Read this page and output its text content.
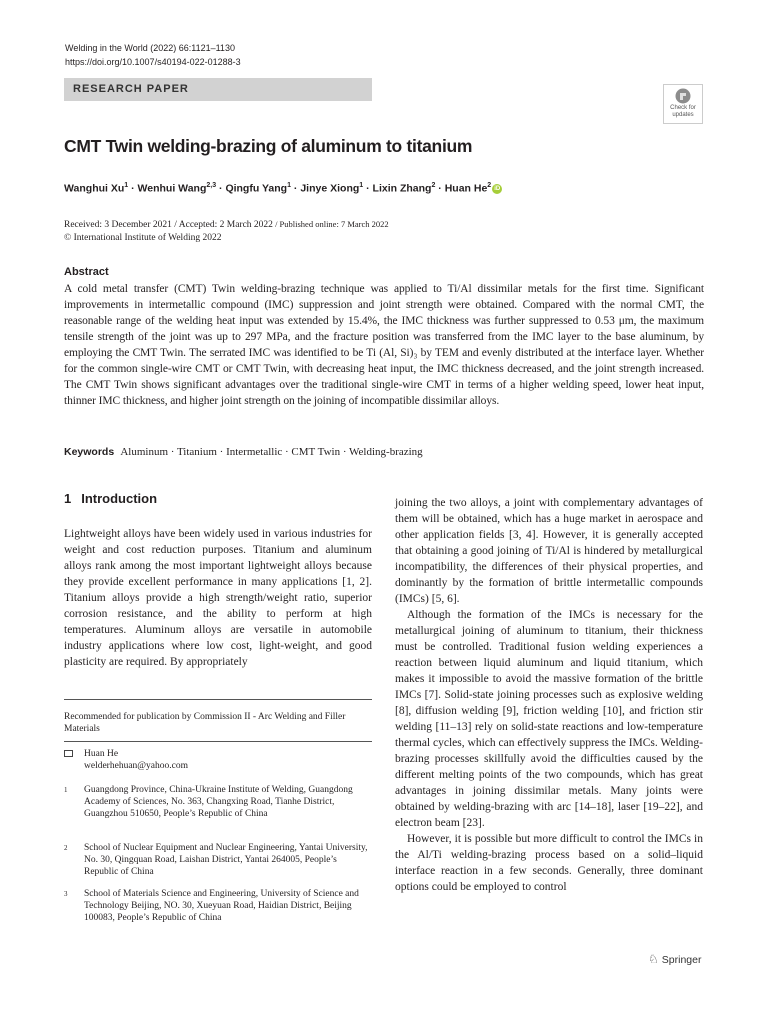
Welding in the World (2022) 66:1121–1130
https://doi.org/10.1007/s40194-022-01288-3
RESEARCH PAPER
Check for
updates
CMT Twin welding-brazing of aluminum to titanium
Wanghui $Xu^1$ · Wenhui Wang$^{2,3}$ · Qingfu Yang$^1$ · Jinye Xiong$^1$ · Lixin Zhang$^2$ · Huan He$^2$ iD
Received: 3 December 2021 / Accepted: 2 March 2022 / Published online: 7 March 2022
© International Institute of Welding 2022
Abstract
A cold metal transfer (CMT) Twin welding-brazing technique was applied to Ti/Al dissimilar metals for the first time. Significant improvements in intermetallic compound (IMC) suppression and joint strength were obtained. Compared with the normal CMT, the reasonable range of the welding heat input was extended by 15.4%, the IMC thickness was further suppressed to 0.53 μm, the maximum tensile strength of the joint was up to 297 MPa, and the fracture position was transferred from the IMC layer to the base aluminum, by employing the CMT Twin. The serrated IMC was identified to be Ti (Al, Si)₃ by TEM and evenly distributed at the interface layer. Whether for the common single-wire CMT or CMT Twin, with decreasing heat input, the IMC thickness decreased, and the joint strength increased. The CMT Twin shows significant advantages over the traditional single-wire CMT in terms of a higher welding speed, lower heat input, thinner IMC thickness, and higher joint strength on the joining of incompatible dissimilar alloys.
Keywords Aluminum · Titanium · Intermetallic · CMT Twin · Welding-brazing
1 Introduction

Lightweight alloys have been widely used in various industries for weight and cost reduction purposes. Titanium and aluminum alloys rank among the most important lightweight alloys because they provide excellent performance in many applications [1, 2]. Titanium alloys provide a high strength/weight ratio, superior corrosion resistance, and the ability to perform at high temperatures. Aluminum alloys are versatile in automobile industry applications where low cost, light-weight, and good plasticity are required. By appropriately

Recommended for publication by Commission II - Arc Welding and Filler Materials
Huan He
welderhehuan@yahoo.com
1 Guangdong Province, China-Ukraine Institute of Welding, Guangdong Academy of Sciences, No. 363, Changxing Road, Tianhe District, Guangzhou 510650, People’s Republic of China
2 School of Nuclear Equipment and Nuclear Engineering, Yantai University, No. 30, Qingquan Road, Laishan District, Yantai 264005, People’s Republic of China
3 School of Materials Science and Engineering, University of Science and Technology Beijing, NO. 30, Xueyuan Road, Haidian District, Beijing 100083, People’s Republic of China

joining the two alloys, a joint with complementary advantages of them will be obtained, which has a huge market in aerospace and other application fields [3, 4]. However, it is generally accepted that obtaining a good joining of Ti/Al is hindered by metallurgical incompatibility, the differences of their physical properties, and dominantly by the formation of brittle intermetallic compounds (IMCs) [5, 6].

Although the formation of the IMCs is necessary for the metallurgical joining of aluminum to titanium, their thickness must be controlled. Traditional fusion welding experiences a reaction between liquid aluminum and liquid titanium, which makes it impossible to avoid the massive formation of the brittle IMCs [7]. Solid-state joining processes such as explosive welding [8], diffusion welding [9], friction welding [10], and friction stir welding [11–13] rely on solid-state reactions and low-temperature thermal cycles, which can effectively suppress the IMCs. Welding-brazing processes skillfully avoid the difficulties caused by the different melting points of the two compounds, which has great advantages in joining dissimilar metals. Many joints were obtained by welding-brazing with arc [14–18], laser [19–22], and electron beam [23].

However, it is possible but more difficult to control the IMCs in the Al/Ti welding-brazing process based on a solid–liquid interface reaction in a few seconds. Generally, three dominant options could be employed to control

♘ Springer
